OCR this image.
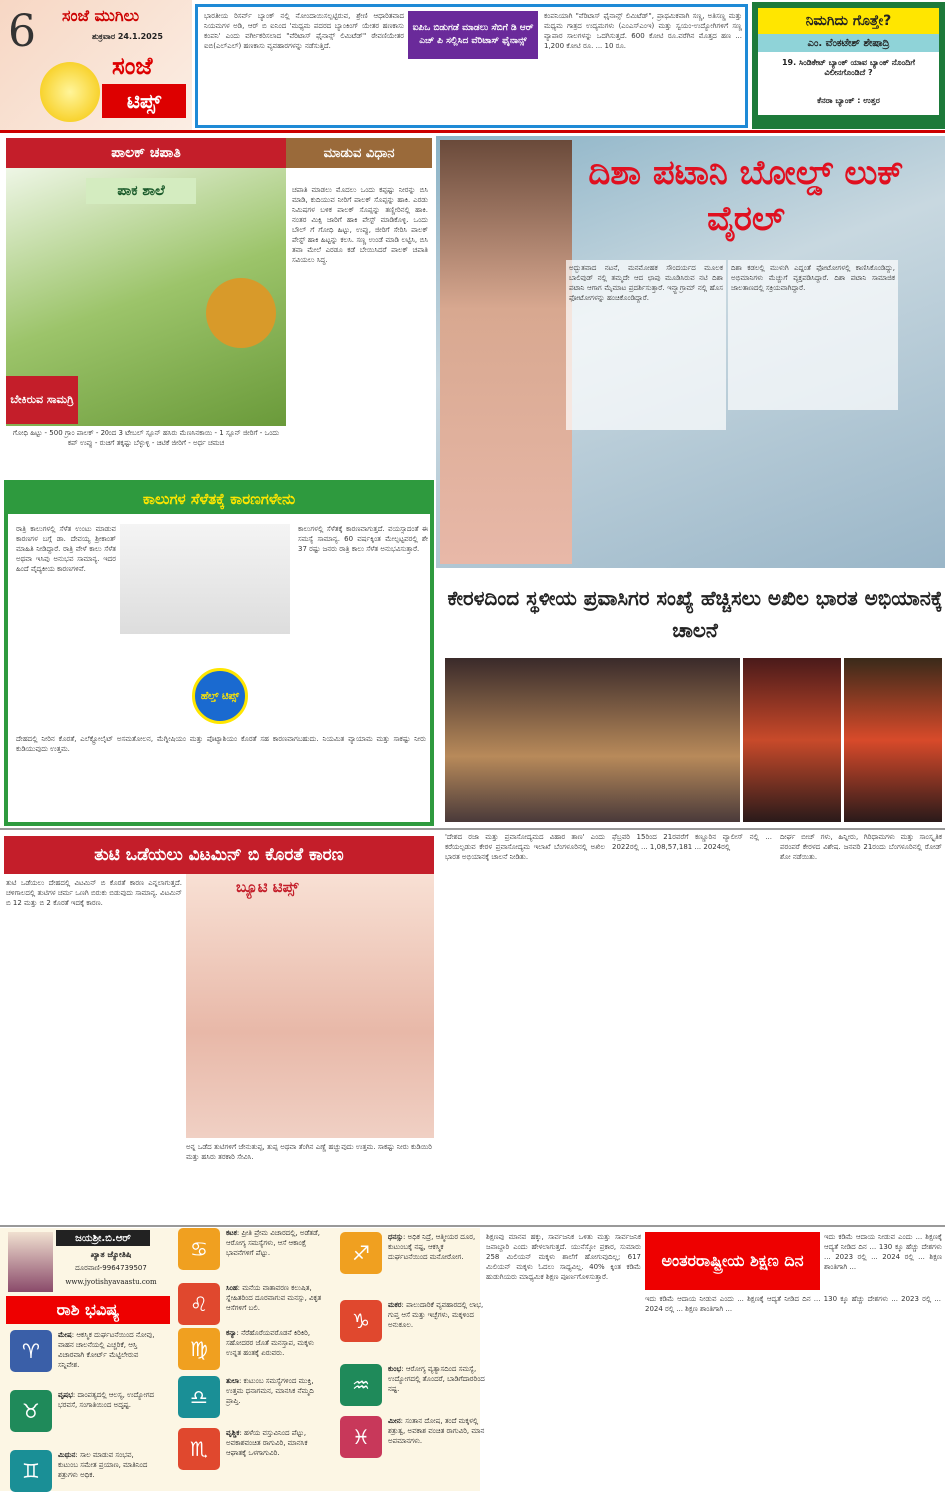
6 ಸಂಜೆ ಮುಗಿಲು
ಶುಕ್ರವಾರ 24.1.2025
ಸಂಜೆ
ಟಿಪ್ಸ್
ಭಾರತೀಯ ರಿಸರ್ವ್ ಬ್ಯಾಂಕ್ ನಲ್ಲಿ ನೋಂದಾಯಿಸಲ್ಪಟ್ಟಿರುವ, ಶ್ರೇಣಿ ಆಧಾರಿತವಾದ ನಿಯಮಗಳ ಅಡಿ, ಆರ್ ಬಿ ಐನಿಂದ 'ಮಧ್ಯಮ ಪದರದ ಬ್ಯಾಂಕಿಂಗ್ ಯೇತರ ಹಣಕಾಸು ಕಂಪನಿ' ಎಂದು ವರ್ಗೀಕರಿಸಲಾದ "ವೆರಿಟಾಸ್ ಫೈನಾನ್ಸ್ ಲಿಮಿಟೆಡ್" ಠೇವಣಿಯೇತರ ಐಬಿ(ಎಲ್ಎಲ್) ಹಣಕಾಸು ವ್ಯವಹಾರಗಳನ್ನು ನಡೆಸುತ್ತಿದೆ.
ಐಪಿಒ ಬಿಡುಗಡೆ ಮಾಡಲು ಸೆಬಿಗೆ ಡಿ ಆರ್ ಎಚ್ ಪಿ ಸಲ್ಲಿಸಿದ ವೆರಿಟಾಸ್ ಫೈನಾನ್ಸ್
ಕಂಪನಿಯಾಗಿ "ವೆರಿಟಾಸ್ ಫೈನಾನ್ಸ್ ಲಿಮಿಟೆಡ್", ಪ್ರಾಥಮಿಕವಾಗಿ ಸಣ್ಣ, ಅತಿಸಣ್ಣ ಮತ್ತು ಮಧ್ಯಮ ಗಾತ್ರದ ಉದ್ಯಮಗಳು (ಎಂಎಸ್ಎಂಇ) ಮತ್ತು ಸ್ವಯಂ-ಉದ್ಯೋಗಿಗಳಿಗೆ ಸಣ್ಣ ವ್ಯಾಪಾರ ಸಾಲಗಳನ್ನು ಒದಗಿಸುತ್ತದೆ. 600 ಕೋಟಿ ರೂ.ವರೆಗಿನ ಮೊತ್ತದ ಹಣ ... 1,200 ಕೋಟಿ ರೂ. ... 10 ರೂ.
ನಿಮಗಿದು ಗೊತ್ತೇ?
ಎಂ. ವೆಂಕಟೇಶ್ ಶೇಷಾದ್ರಿ
19. ಸಿಂಡಿಕೇಟ್ ಬ್ಯಾಂಕ್ ಯಾವ ಬ್ಯಾಂಕ್ ನೊಂದಿಗೆ ವಿಲೀನಗೊಂಡಿದೆ ?
ಕೆನರಾ ಬ್ಯಾಂಕ್ : ಉತ್ತರ
ಪಾಲಕ್ ಚಪಾತಿ	ಮಾಡುವ ವಿಧಾನ
ಪಾಕ ಶಾಲೆ
ಬೇಕಿರುವ ಸಾಮಗ್ರಿ
ಗೋಧಿ ಹಿಟ್ಟು - 500 ಗ್ರಾಂ ಪಾಲಕ್ - 20ಂದ 3 ಟೇಬಲ್ ಸ್ಪೂನ್ ಹಸಿರು ಮೆಣಸಿನಕಾಯಿ - 1 ಸ್ಪೂನ್ ಜೀರಿಗೆ - ಒಂದು ಕಪ್ ಉಪ್ಪು - ರುಚಿಗೆ ತಕ್ಕಷ್ಟು ಬೆಳ್ಳುಳ್ಳಿ - ಚಿಟಿಕೆ ಜೀರಿಗೆ - ಅರ್ಧ ಚಮಚ
ಚಪಾತಿ ಮಾಡಲು ಮೊದಲು ಒಂದು ಕಪ್ಪಷ್ಟು ನೀರನ್ನು ಬಿಸಿ ಮಾಡಿ, ಕುದಿಯುವ ನೀರಿಗೆ ಪಾಲಕ್ ಸೊಪ್ಪನ್ನು ಹಾಕಿ. ಎರಡು ನಿಮಿಷಗಳ ಬಳಿಕ ಪಾಲಕ್ ಸೊಪ್ಪನ್ನು ತಣ್ಣೀರಿನಲ್ಲಿ ಹಾಕಿ. ನಂತರ ಮಿಕ್ಸಿ ಜಾರಿಗೆ ಹಾಕಿ ಪೇಸ್ಟ್ ಮಾಡಿಕೊಳ್ಳಿ. ಒಂದು ಬೌಲ್ ಗೆ ಗೋಧಿ ಹಿಟ್ಟು, ಉಪ್ಪು, ಜೀರಿಗೆ ಸೇರಿಸಿ ಪಾಲಕ್ ಪೇಸ್ಟ್ ಹಾಕಿ ಹಿಟ್ಟನ್ನು ಕಲಸಿ. ಸಣ್ಣ ಉಂಡೆ ಮಾಡಿ ಲಟ್ಟಿಸಿ, ಬಿಸಿ ತವಾ ಮೇಲೆ ಎರಡೂ ಕಡೆ ಬೇಯಿಸಿದರೆ ಪಾಲಕ್ ಚಪಾತಿ ಸವಿಯಲು ಸಿದ್ಧ.
ಕಾಲುಗಳ ಸೆಳೆತಕ್ಕೆ ಕಾರಣಗಳೇನು
ರಾತ್ರಿ ಕಾಲುಗಳಲ್ಲಿ ಸೆಳೆತ ಉಂಟು ಮಾಡುವ ಕಾರಣಗಳ ಬಗ್ಗೆ ಡಾ. ದೇವಯ್ಯ ಶ್ರೀಕಾಂತ್ ಮಾಹಿತಿ ನೀಡಿದ್ದಾರೆ. ರಾತ್ರಿ ವೇಳೆ ಕಾಲು ಸೆಳೆತ ಅಥವಾ ಇಸಿವು ಅನುಭವ ಸಾಮಾನ್ಯ. ಇದರ ಹಿಂದೆ ವೈದ್ಯಕೀಯ ಕಾರಣಗಳಿವೆ.
ಕಾಲುಗಳಲ್ಲಿ ಸೆಳೆತಕ್ಕೆ ಕಾರಣವಾಗುತ್ತದೆ. ವಯಸ್ಸಾದಂತೆ ಈ ಸಮಸ್ಯೆ ಸಾಮಾನ್ಯ. 60 ವರ್ಷಕ್ಕಿಂತ ಮೇಲ್ಪಟ್ಟವರಲ್ಲಿ ಶೇ 37 ರಷ್ಟು ಜನರು ರಾತ್ರಿ ಕಾಲು ಸೆಳೆತ ಅನುಭವಿಸುತ್ತಾರೆ.
ಹೆಲ್ತ್ ಟಿಪ್ಸ್
ದೇಹದಲ್ಲಿ ನೀರಿನ ಕೊರತೆ, ಎಲೆಕ್ಟ್ರೋಲೈಟ್ ಅಸಮತೋಲನ, ಮೆಗ್ನೀಷಿಯಂ ಮತ್ತು ಪೊಟ್ಯಾಶಿಯಂ ಕೊರತೆ ಸಹ ಕಾರಣವಾಗಬಹುದು. ನಿಯಮಿತ ವ್ಯಾಯಾಮ ಮತ್ತು ಸಾಕಷ್ಟು ನೀರು ಕುಡಿಯುವುದು ಉತ್ತಮ.
ದಿಶಾ ಪಟಾನಿ ಬೋಲ್ಡ್ ಲುಕ್ ವೈರಲ್
ಅದ್ಭುತವಾದ ನಟನೆ, ಮನಮೋಹಕ ಸೌಂದರ್ಯದ ಮೂಲಕ ಬಾಲಿವುಡ್ ನಲ್ಲಿ ತಮ್ಮದೇ ಆದ ಛಾಪು ಮೂಡಿಸಿರುವ ನಟಿ ದಿಶಾ ಪಟಾನಿ ಆಗಾಗ ಮೈಮಾಟ ಪ್ರದರ್ಶಿಸುತ್ತಾರೆ. ಇನ್ಸ್ಟಾಗ್ರಾಮ್ ನಲ್ಲಿ ಹೊಸ ಫೋಟೋಗಳನ್ನು ಹಂಚಿಕೊಂಡಿದ್ದಾರೆ.
ದಿಶಾ ಕಡಲಲ್ಲಿ ಮುಳುಗಿ ಎದ್ದಂತೆ ಫೋಟೋಗಳಲ್ಲಿ ಕಾಣಿಸಿಕೊಂಡಿದ್ದು, ಅಭಿಮಾನಿಗಳು ಮೆಚ್ಚುಗೆ ವ್ಯಕ್ತಪಡಿಸಿದ್ದಾರೆ. ದಿಶಾ ಪಟಾನಿ ಸಾಮಾಜಿಕ ಜಾಲತಾಣದಲ್ಲಿ ಸಕ್ರಿಯವಾಗಿದ್ದಾರೆ.
ಕೇರಳದಿಂದ ಸ್ಥಳೀಯ ಪ್ರವಾಸಿಗರ ಸಂಖ್ಯೆ ಹೆಚ್ಚಿಸಲು ಅಖಿಲ ಭಾರತ ಅಭಿಯಾನಕ್ಕೆ ಚಾಲನೆ
'ದೇಶದ ರಜಾ ಮತ್ತು ಪ್ರವಾಸೋದ್ಯಮದ ವಿಹಾರ ತಾಣ' ಎಂದು ಕರೆಯಲ್ಪಡುವ ಕೇರಳ ಪ್ರವಾಸೋದ್ಯಮ ಇಲಾಖೆ ಬೆಂಗಳೂರಿನಲ್ಲಿ ಅಖಿಲ ಭಾರತ ಅಭಿಯಾನಕ್ಕೆ ಚಾಲನೆ ನೀಡಿತು.
ಫೆಬ್ರವರಿ 15ರಿಂದ 21ರವರೆಗೆ ಕಣ್ಣೂರಿನ ವ್ಯಾಲೀಸ್ ನಲ್ಲಿ ... 2022ರಲ್ಲಿ ... 1,08,57,181 ... 2024ರಲ್ಲಿ
ದೀರ್ಘ ಬೀಚ್ ಗಳು, ಹಿನ್ನೀರು, ಗಿರಿಧಾಮಗಳು ಮತ್ತು ಸಾಂಸ್ಕೃತಿಕ ಪರಂಪರೆ ಕೇರಳದ ವಿಶೇಷ. ಜನವರಿ 21ರಂದು ಬೆಂಗಳೂರಿನಲ್ಲಿ ರೋಡ್ ಶೋ ನಡೆಯಿತು.
ತುಟಿ ಒಡೆಯಲು ವಿಟಮಿನ್ ಬಿ ಕೊರತೆ ಕಾರಣ
ತುಟಿ ಒಡೆಯಲು ದೇಹದಲ್ಲಿ ವಿಟಮಿನ್ ಬಿ ಕೊರತೆ ಕಾರಣ ಎನ್ನಲಾಗುತ್ತದೆ. ಚಳಿಗಾಲದಲ್ಲಿ ತುಟಿಗಳ ಚರ್ಮ ಒಣಗಿ ಬಿರುಕು ಬಿಡುವುದು ಸಾಮಾನ್ಯ. ವಿಟಮಿನ್ ಬಿ 12 ಮತ್ತು ಬಿ 2 ಕೊರತೆ ಇದಕ್ಕೆ ಕಾರಣ.
ಬ್ಯೂಟಿ ಟಿಪ್ಸ್
ಅನ್ನ ಒಡೆದ ತುಟಿಗಳಿಗೆ ಜೇನುತುಪ್ಪ, ತುಪ್ಪ ಅಥವಾ ತೆಂಗಿನ ಎಣ್ಣೆ ಹಚ್ಚುವುದು ಉತ್ತಮ. ಸಾಕಷ್ಟು ನೀರು ಕುಡಿಯಿರಿ ಮತ್ತು ಹಸಿರು ತರಕಾರಿ ಸೇವಿಸಿ.
ಜಯಶ್ರೀ.ಬಿ.ಆರ್
ಖ್ಯಾತ ಜ್ಯೋತಿಷಿ
ದೂರವಾಣಿ-9964739507
www.jyotishyavaastu.com
ರಾಶಿ ಭವಿಷ್ಯ
♈
ಮೇಷ: ಆಕಸ್ಮಿಕ ದುರ್ಘಟನೆಯಿಂದ ನೋವು, ವಾಹನ ಚಾಲನೆಯಲ್ಲಿ ಎಚ್ಚರಿಕೆ, ಆಸ್ತಿ ವಿಚಾರವಾಗಿ ಕೋರ್ಟ್ ಮೆಟ್ಟಿಲೇರುವ ಸನ್ನಿವೇಶ.
♉
ವೃಷಭ: ದಾಂಪತ್ಯದಲ್ಲಿ ಆಲಸ್ಯ, ಉದ್ಯೋಗದ ಭರವಸೆ, ಸಂಗಾತಿಯಿಂದ ಅದೃಷ್ಟ.
♊
ಮಿಥುನ: ಸಾಲ ಮಾಡುವ ಸಂಭವ, ಕುಟುಂಬ ಸಮೇತ ಪ್ರಯಾಣ, ಮಾತಿನಿಂದ ಶತ್ರುಗಳು ಅಧಿಕ.
♋
ಕಟಕ: ಪ್ರೀತಿ ಪ್ರೇಮ ವಿಚಾರದಲ್ಲಿ, ಅಡೆತಡೆ, ಆರೋಗ್ಯ ಸಮಸ್ಯೆಗಳು, ಆಸೆ ಆಕಾಂಕ್ಷೆ ಭಾವನೆಗಳಿಗೆ ಪೆಟ್ಟು.
♌
ಸಿಂಹ: ಮನೆಯ ವಾತಾವರಣ ಕಲುಷಿತ, ಸ್ನೇಹಿತರಿಂದ ದೂರವಾಗುವ ಮನಸ್ಸು, ವಿಕೃತ ಆಸೆಗಳಿಗೆ ಬಲಿ.
♍
ಕನ್ಯಾ: ನೆರೆಹೊರೆಯವರೊಡನೆ ಕಿರಿಕಿರಿ, ಸಹೋದರರ ಜೊತೆ ಮನಸ್ತಾಪ, ಮಕ್ಕಳು ಉನ್ನತ ಹಂತಕ್ಕೆ ಏರುವರು.
♎
ತುಲಾ: ಕುಟುಂಬ ಸಮಸ್ಯೆಗಳಿಂದ ಮುಕ್ತಿ, ಉತ್ತಮ ಧನಾಗಮನ, ಮಾನಸಿಕ ನೆಮ್ಮದಿ ಪ್ರಾಪ್ತಿ.
♏
ವೃಶ್ಚಿಕ: ಹಳೆಯ ವಸ್ತುವಿನಿಂದ ಪೆಟ್ಟು, ಅವಕಾಶವಂಚಿತ ರಾಗುವಿರಿ, ಮಾನಸಿಕ ಆಘಾತಕ್ಕೆ ಒಳಗಾಗುವಿರಿ.
♐
ಧನಸ್ಸು: ಅಧಿಕ ನಿದ್ರೆ, ಆತ್ಮೀಯರ ದೂರ, ಕುಟುಂಬಕ್ಕೆ ನಷ್ಟ, ಆಕಸ್ಮಿಕ ದುರ್ಘಟನೆಯಿಂದ ಮನೋರೋಗ.
♑
ಮಕರ: ಪಾಲುದಾರಿಕೆ ವ್ಯವಹಾರದಲ್ಲಿ ಲಾಭ, ಗುಪ್ತ ಆಸೆ ಮತ್ತು ಇಚ್ಛೆಗಳು, ಮಕ್ಕಳಿಂದ ಅನುಕೂಲ.
♒
ಕುಂಭ: ಆರೋಗ್ಯ ವ್ಯತ್ಯಾಸದಿಂದ ಸಮಸ್ಯೆ, ಉದ್ಯೋಗದಲ್ಲಿ ತೊಂದರೆ, ಬಾಡಿಗೆದಾರರಿಂದ ನಷ್ಟ.
♓
ಮೀನ: ಸಂತಾನ ದೋಷ, ತಂದೆ ಮಕ್ಕಳಲ್ಲಿ ಶತ್ರುತ್ವ, ಅವಕಾಶ ವಂಚಿತ ರಾಗುವಿರಿ, ಮಾನ ಅಪಮಾನಗಳು.
ಶಿಕ್ಷಣವು ಮಾನವ ಹಕ್ಕು, ಸಾರ್ವಜನಿಕ ಒಳಿತು ಮತ್ತು ಸಾರ್ವಜನಿಕ ಜವಾಬ್ದಾರಿ ಎಂದು ಹೇಳಲಾಗುತ್ತದೆ. ಯುನೆಸ್ಕೋ ಪ್ರಕಾರ, ಸುಮಾರು 258 ಮಿಲಿಯನ್ ಮಕ್ಕಳು ಶಾಲೆಗೆ ಹೋಗುವುದಿಲ್ಲ; 617 ಮಿಲಿಯನ್ ಮಕ್ಕಳು ಓದಲು ಸಾಧ್ಯವಿಲ್ಲ. 40% ಕ್ಕಿಂತ ಕಡಿಮೆ ಹುಡುಗಿಯರು ಮಾಧ್ಯಮಿಕ ಶಿಕ್ಷಣ ಪೂರ್ಣಗೊಳಿಸುತ್ತಾರೆ.
ಅಂತರರಾಷ್ಟ್ರೀಯ ಶಿಕ್ಷಣ ದಿನ
ಇದು ಕಡಿಮೆ ಆದಾಯ ನೀಡುವ ಎಂದು ... ಶಿಕ್ಷಣಕ್ಕೆ ಆದ್ಯತೆ ನೀಡಿದ ದಿನ ... 130 ಕ್ಕೂ ಹೆಚ್ಚು ದೇಶಗಳು ... 2023 ರಲ್ಲಿ ... 2024 ರಲ್ಲಿ ... ಶಿಕ್ಷಣ ಶಾಂತಿಗಾಗಿ ...
ಇದು ಕಡಿಮೆ ಆದಾಯ ನೀಡುವ ಎಂದು ... ಶಿಕ್ಷಣಕ್ಕೆ ಆದ್ಯತೆ ನೀಡಿದ ದಿನ ... 130 ಕ್ಕೂ ಹೆಚ್ಚು ದೇಶಗಳು ... 2023 ರಲ್ಲಿ ... 2024 ರಲ್ಲಿ ... ಶಿಕ್ಷಣ ಶಾಂತಿಗಾಗಿ ...
